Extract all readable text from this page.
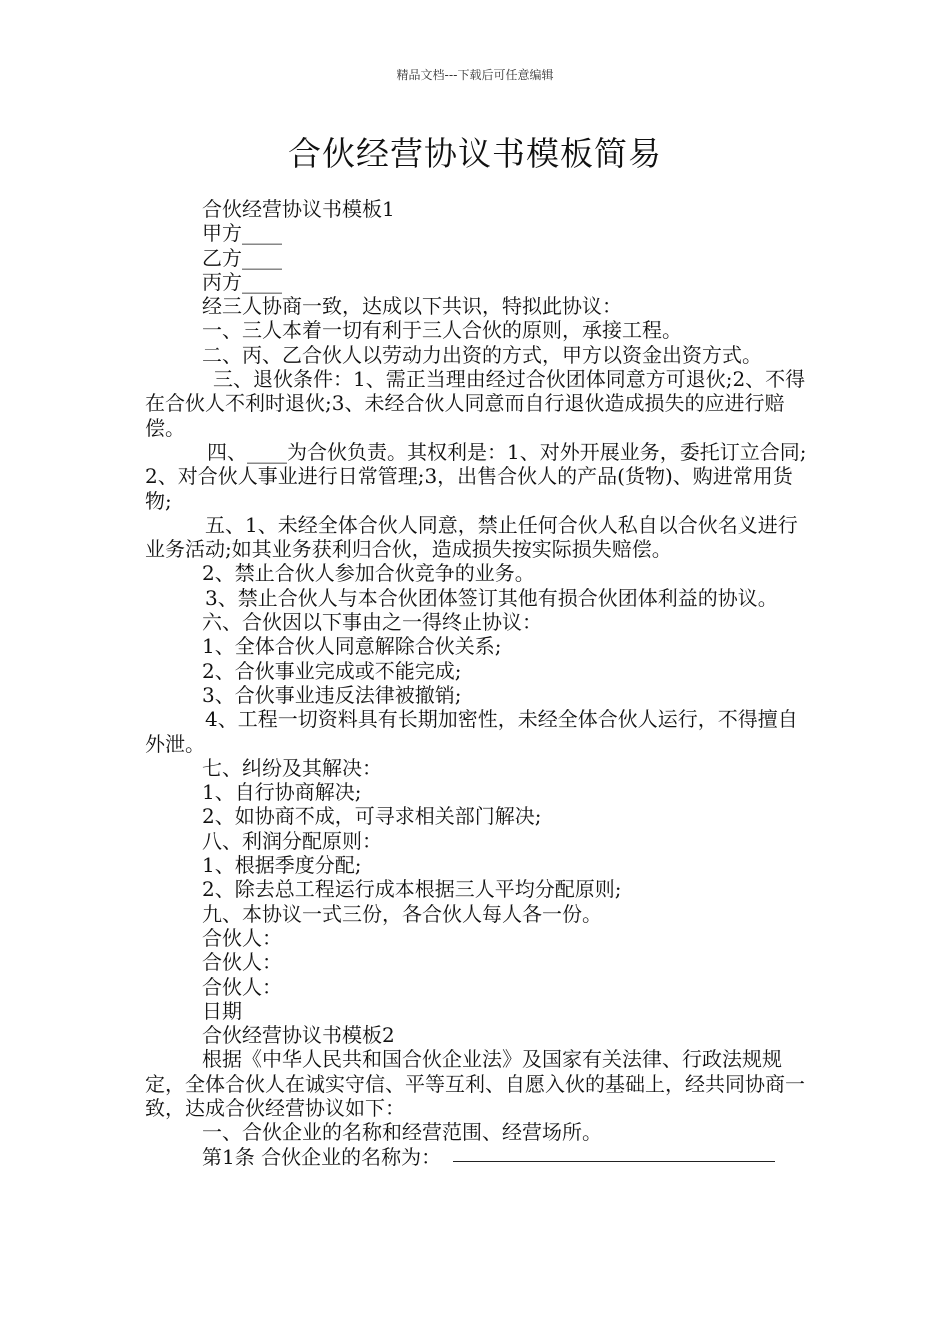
精品文档---下载后可任意编辑
合伙经营协议书模板简易

合伙经营协议书模板1

甲方____

乙方____

丙方____

经三人协商一致，达成以下共识，特拟此协议：

一、三人本着一切有利于三人合伙的原则，承接工程。

二、丙、乙合伙人以劳动力出资的方式，甲方以资金出资方式。

三、退伙条件：1、需正当理由经过合伙团体同意方可退伙;2、不得在合伙人不利时退伙;3、未经合伙人同意而自行退伙造成损失的应进行赔偿。

四、____为合伙负责。其权利是：1、对外开展业务，委托订立合同;2、对合伙人事业进行日常管理;3，出售合伙人的产品(货物)、购进常用货物;

五、1、未经全体合伙人同意，禁止任何合伙人私自以合伙名义进行业务活动;如其业务获利归合伙，造成损失按实际损失赔偿。

2、禁止合伙人参加合伙竞争的业务。

3、禁止合伙人与本合伙团体签订其他有损合伙团体利益的协议。

六、合伙因以下事由之一得终止协议：

1、全体合伙人同意解除合伙关系;

2、合伙事业完成或不能完成;

3、合伙事业违反法律被撤销;

4、工程一切资料具有长期加密性，未经全体合伙人运行，不得擅自外泄。

七、纠纷及其解决：

1、自行协商解决;

2、如协商不成，可寻求相关部门解决;

八、利润分配原则：

1、根据季度分配;

2、除去总工程运行成本根据三人平均分配原则;

九、本协议一式三份，各合伙人每人各一份。

合伙人：

合伙人：

合伙人：

日期

合伙经营协议书模板2

根据《中华人民共和国合伙企业法》及国家有关法律、行政法规规定，全体合伙人在诚实守信、平等互利、自愿入伙的基础上，经共同协商一致，达成合伙经营协议如下：

一、合伙企业的名称和经营范围、经营场所。

第1条 合伙企业的名称为：
